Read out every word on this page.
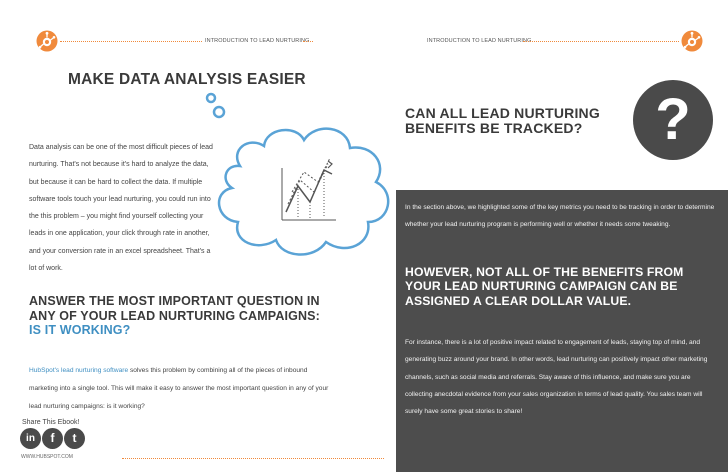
INTRODUCTION TO LEAD NURTURING	INTRODUCTION TO LEAD NURTURING
MAKE DATA ANALYSIS EASIER

Data analysis can be one of the most difficult pieces of lead nurturing. That's not because it's hard to analyze the data, but because it can be hard to collect the data. If multiple software tools touch your lead nurturing, you could run into the this problem – you might find yourself collecting your leads in one application, your click through rate in another, and your conversion rate in an excel spreadsheet. That's a lot of work.

ANSWER THE MOST IMPORTANT QUESTION IN ANY OF YOUR LEAD NURTURING CAMPAIGNS:
IS IT WORKING?

HubSpot's lead nurturing software solves this problem by combining all of the pieces of inbound marketing into a single tool. This will make it easy to answer the most important question in any of your lead nurturing campaigns: is it working?

Share This Ebook!
in	f	t
WWW.HUBSPOT.COM
CAN ALL LEAD NURTURING BENEFITS BE TRACKED?	?

In the section above, we highlighted some of the key metrics you need to be tracking in order to determine whether your lead nurturing program is performing well or whether it needs some tweaking.

HOWEVER, NOT ALL OF THE BENEFITS FROM YOUR LEAD NURTURING CAMPAIGN CAN BE ASSIGNED A CLEAR DOLLAR VALUE.

For instance, there is a lot of positive impact related to engagement of leads, staying top of mind, and generating buzz around your brand. In other words, lead nurturing can positively impact other marketing channels, such as social media and referrals. Stay aware of this influence, and make sure you are collecting anecdotal evidence from your sales organization in terms of lead quality. You sales team will surely have some great stories to share!
